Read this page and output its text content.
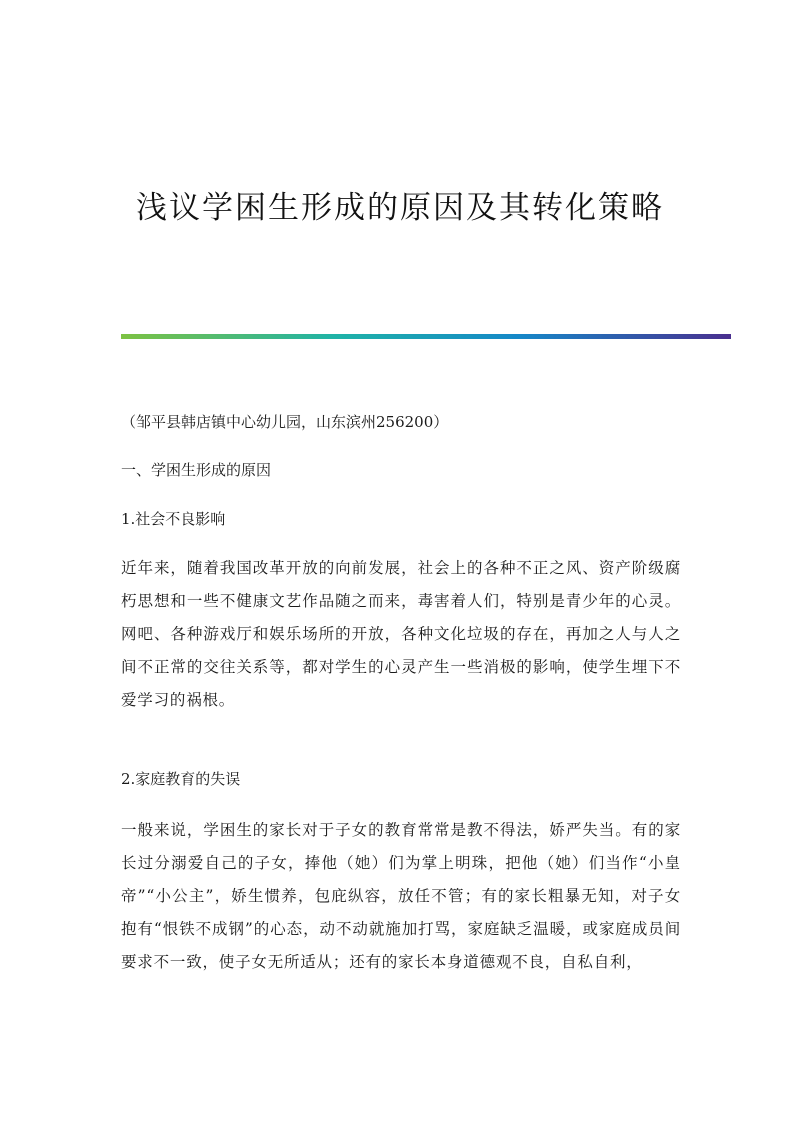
浅议学困生形成的原因及其转化策略
（邹平县韩店镇中心幼儿园，山东滨州256200）
一、学困生形成的原因
1.社会不良影响
近年来，随着我国改革开放的向前发展，社会上的各种不正之风、资产阶级腐朽思想和一些不健康文艺作品随之而来，毒害着人们，特别是青少年的心灵。网吧、各种游戏厅和娱乐场所的开放，各种文化垃圾的存在，再加之人与人之间不正常的交往关系等，都对学生的心灵产生一些消极的影响，使学生埋下不爱学习的祸根。
2.家庭教育的失误
一般来说，学困生的家长对于子女的教育常常是教不得法，娇严失当。有的家长过分溺爱自己的子女，捧他（她）们为掌上明珠，把他（她）们当作“小皇帝”“小公主”，娇生惯养，包庇纵容，放任不管；有的家长粗暴无知，对子女抱有“恨铁不成钢”的心态，动不动就施加打骂，家庭缺乏温暖，或家庭成员间要求不一致，使子女无所适从；还有的家长本身道德观不良，自私自利，
